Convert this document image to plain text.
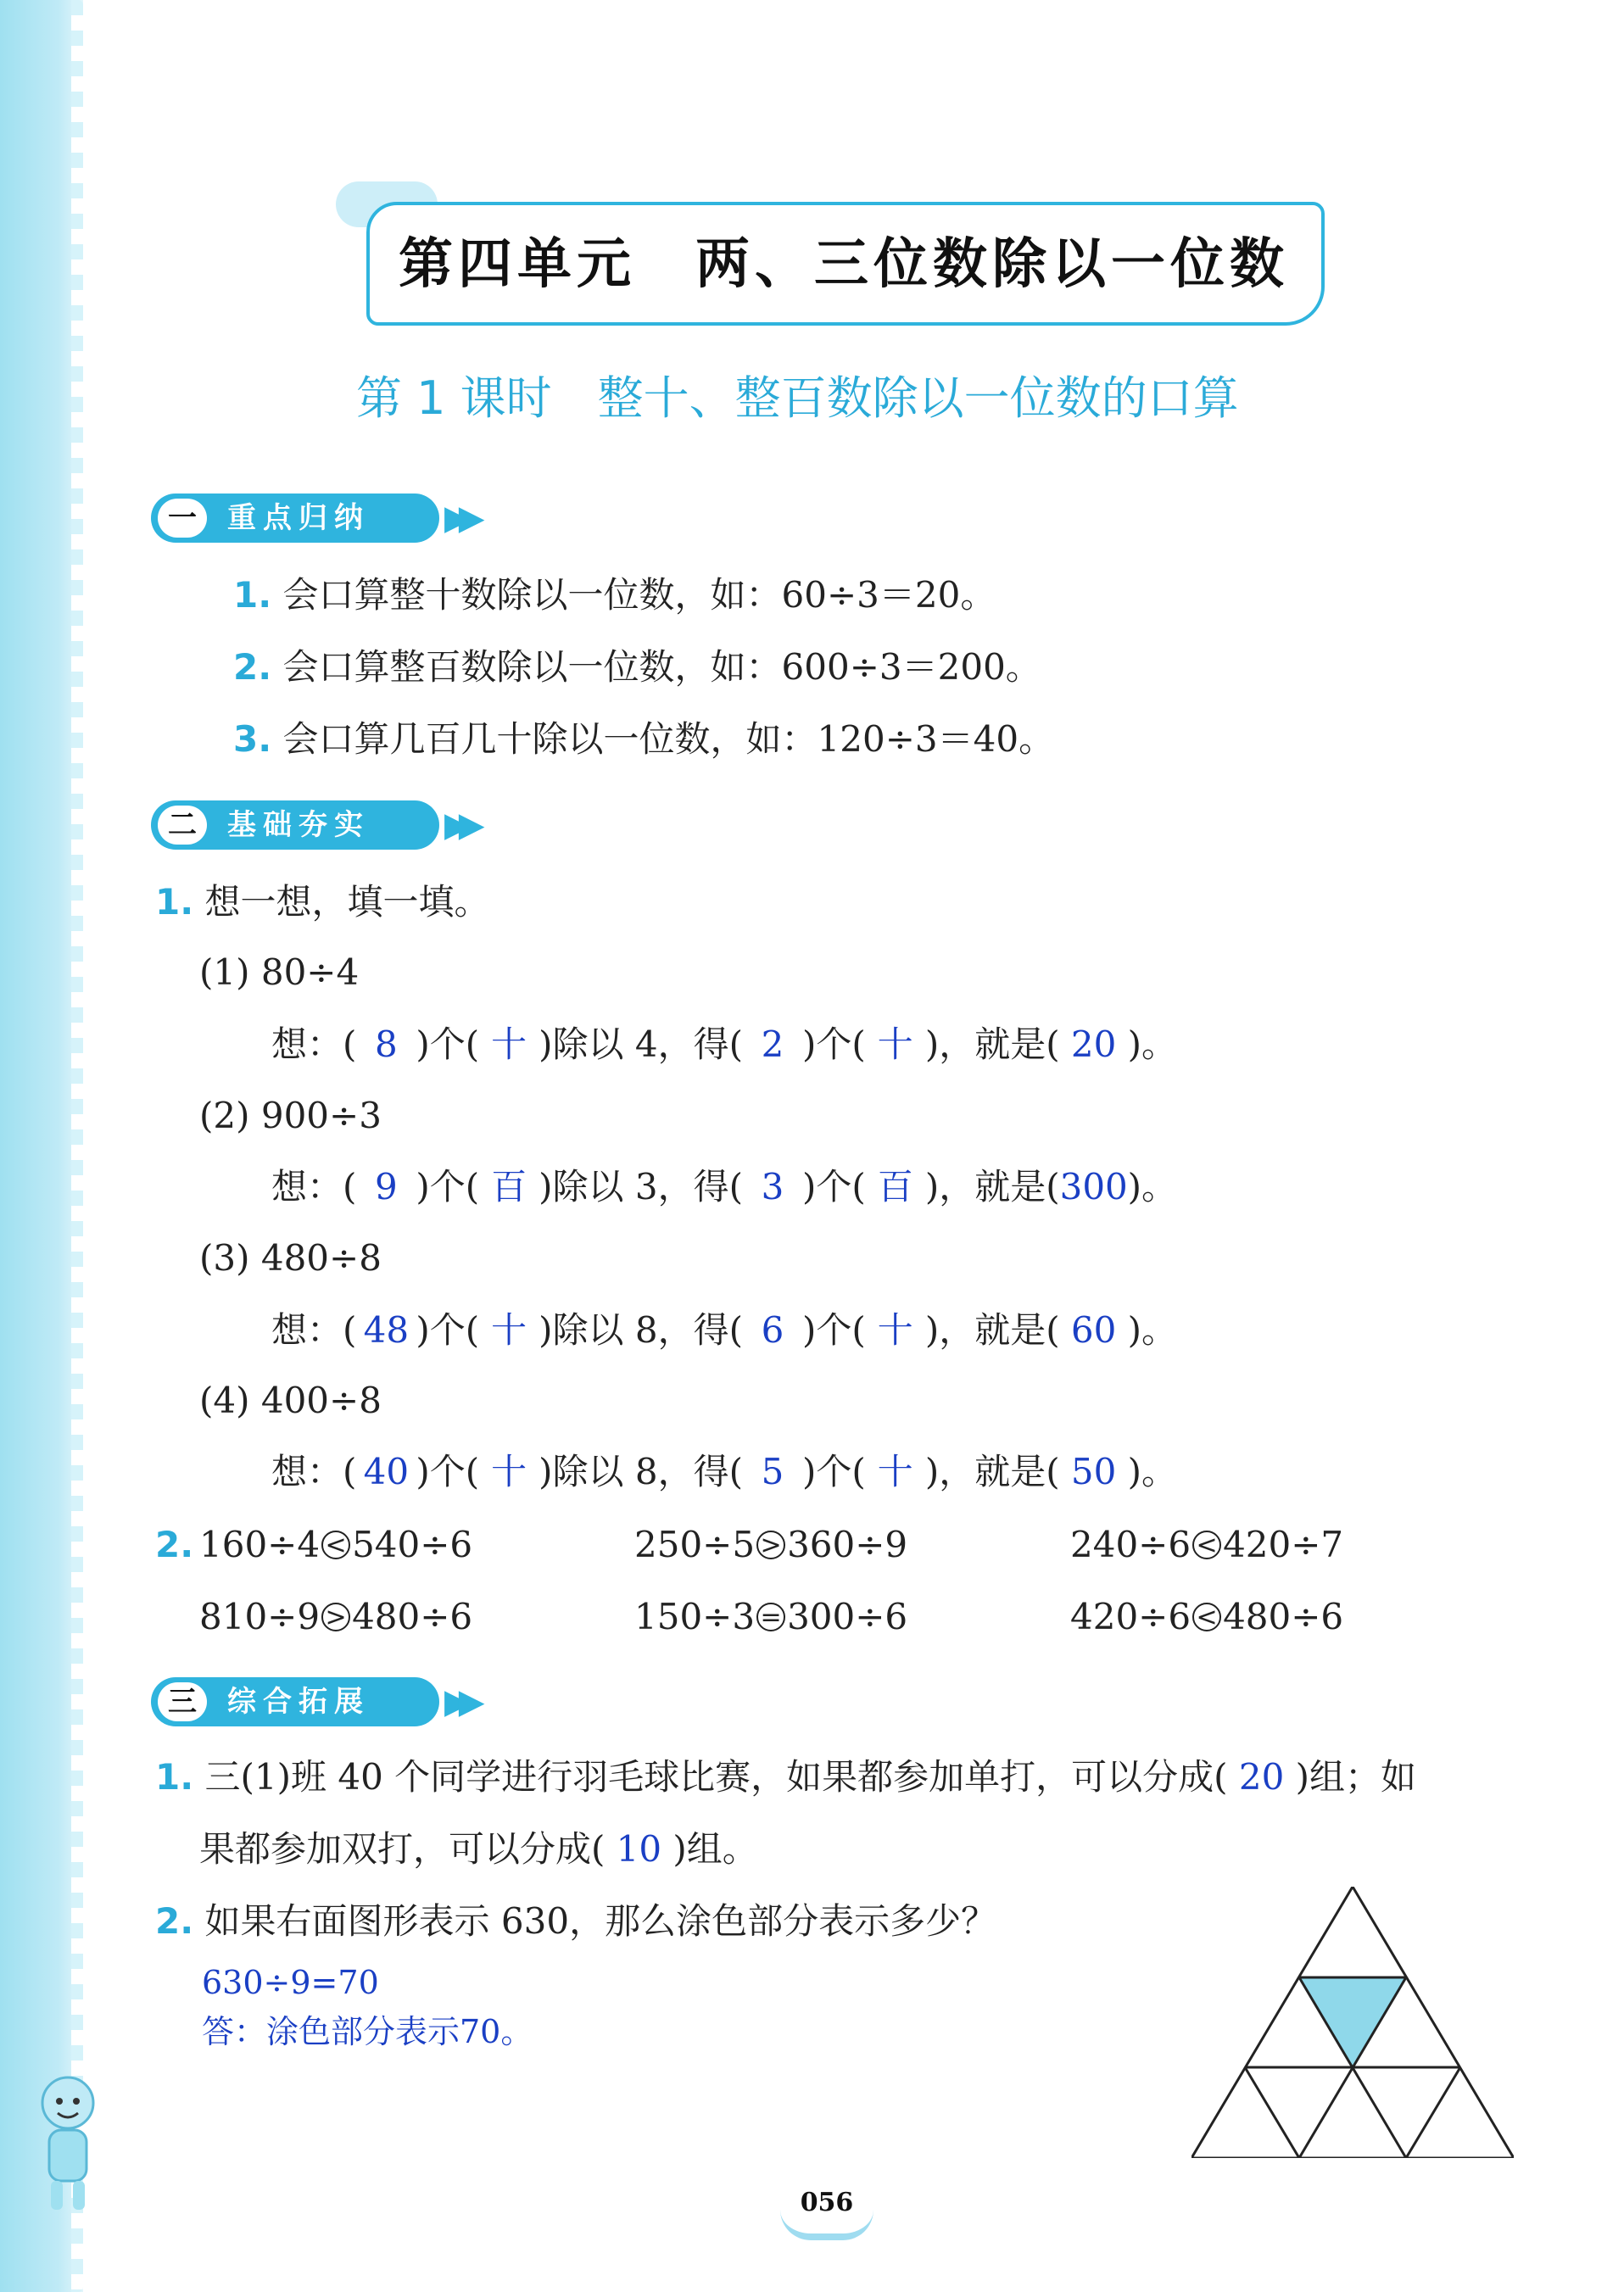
第四单元　两、三位数除以一位数
第 1 课时　整十、整百数除以一位数的口算
一	重点归纳 ▶▶
1. 会口算整十数除以一位数，如：60÷3＝20。
2. 会口算整百数除以一位数，如：600÷3＝200。
3. 会口算几百几十除以一位数，如：120÷3＝40。
二	基础夯实 ▶▶
1. 想一想，填一填。
(1) 80÷4
想：( 8 )个( 十 )除以 4，得( 2 )个( 十 )，就是( 20 )。
(2) 900÷3
想：( 9 )个( 百 )除以 3，得( 3 )个( 百 )，就是(300)。
(3) 480÷8
想：( 48 )个( 十 )除以 8，得( 6 )个( 十 )，就是( 60 )。
(4) 400÷8
想：( 40 )个( 十 )除以 8，得( 5 )个( 十 )，就是( 50 )。
2. 160÷4 < 540÷6	250÷5 > 360÷9	240÷6 < 420÷7
810÷9 > 480÷6	150÷3 = 300÷6	420÷6 < 480÷6
三	综合拓展 ▶▶
1. 三(1)班 40 个同学进行羽毛球比赛，如果都参加单打，可以分成( 20 )组；如
果都参加双打，可以分成( 10 )组。
2. 如果右面图形表示 630，那么涂色部分表示多少？
630÷9=70
答：涂色部分表示70。
056
